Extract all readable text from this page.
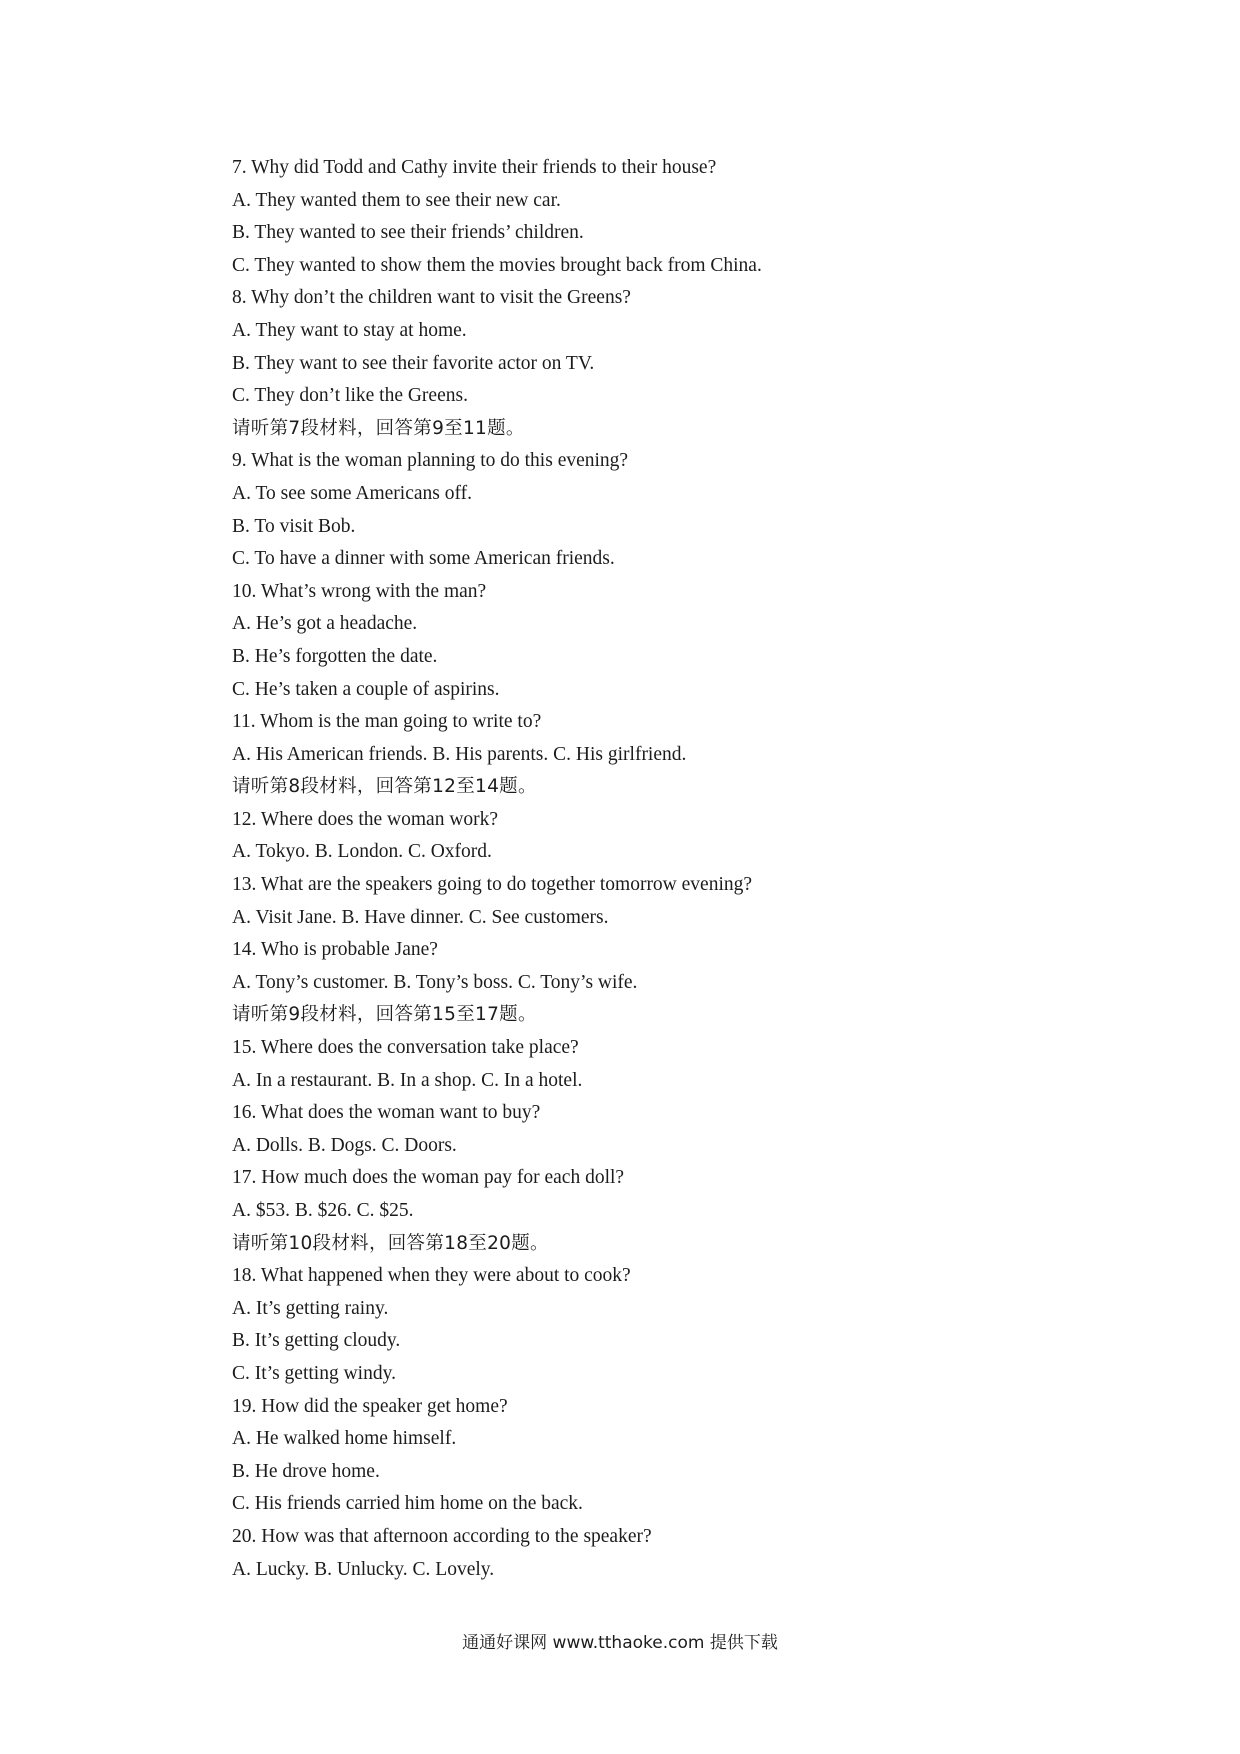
7. Why did Todd and Cathy invite their friends to their house?
A. They wanted them to see their new car.
B. They wanted to see their friends’ children.
C. They wanted to show them the movies brought back from China.
8. Why don’t the children want to visit the Greens?
A. They want to stay at home.
B. They want to see their favorite actor on TV.
C. They don’t like the Greens.
请听第7段材料，回答第9至11题。
9. What is the woman planning to do this evening?
A. To see some Americans off.
B. To visit Bob.
C. To have a dinner with some American friends.
10. What’s wrong with the man?
A. He’s got a headache.
B. He’s forgotten the date.
C. He’s taken a couple of aspirins.
11. Whom is the man going to write to?
A. His American friends. B. His parents. C. His girlfriend.
请听第8段材料，回答第12至14题。
12. Where does the woman work?
A. Tokyo. B. London. C. Oxford.
13. What are the speakers going to do together tomorrow evening?
A. Visit Jane. B. Have dinner. C. See customers.
14. Who is probable Jane?
A. Tony’s customer. B. Tony’s boss. C. Tony’s wife.
请听第9段材料，回答第15至17题。
15. Where does the conversation take place?
A. In a restaurant. B. In a shop. C. In a hotel.
16. What does the woman want to buy?
A. Dolls. B. Dogs. C. Doors.
17. How much does the woman pay for each doll?
A. $53. B. $26. C. $25.
请听第10段材料，回答第18至20题。
18. What happened when they were about to cook?
A. It’s getting rainy.
B. It’s getting cloudy.
C. It’s getting windy.
19. How did the speaker get home?
A. He walked home himself.
B. He drove home.
C. His friends carried him home on the back.
20. How was that afternoon according to the speaker?
A. Lucky. B. Unlucky. C. Lovely.
通通好课网 www.tthaoke.com 提供下载
